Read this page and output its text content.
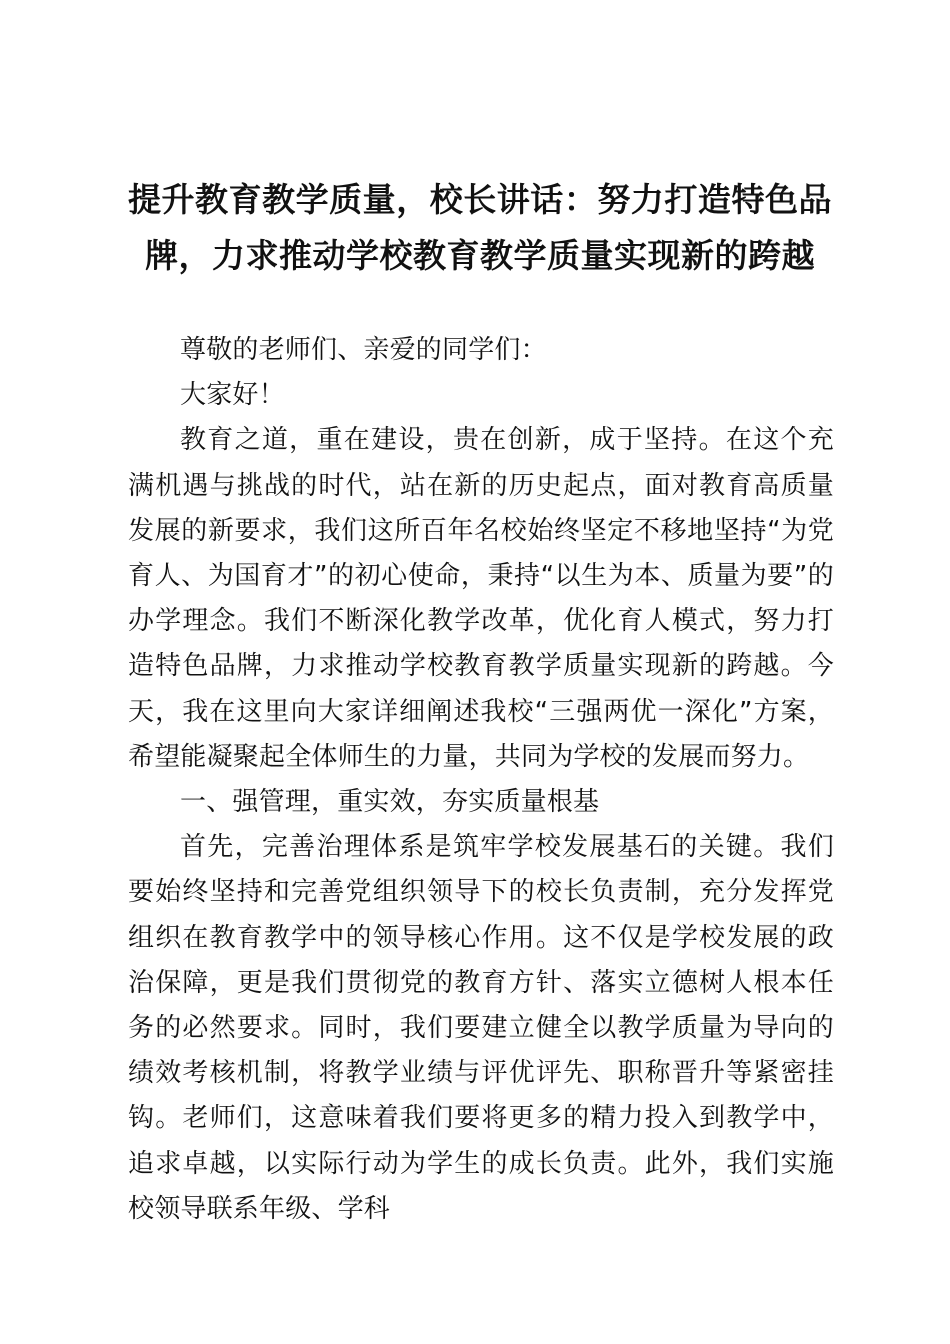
提升教育教学质量，校长讲话：努力打造特色品牌，力求推动学校教育教学质量实现新的跨越

尊敬的老师们、亲爱的同学们：

大家好！

教育之道，重在建设，贵在创新，成于坚持。在这个充满机遇与挑战的时代，站在新的历史起点，面对教育高质量发展的新要求，我们这所百年名校始终坚定不移地坚持“为党育人、为国育才”的初心使命，秉持“以生为本、质量为要”的办学理念。我们不断深化教学改革，优化育人模式，努力打造特色品牌，力求推动学校教育教学质量实现新的跨越。今天，我在这里向大家详细阐述我校“三强两优一深化”方案，希望能凝聚起全体师生的力量，共同为学校的发展而努力。

一、强管理，重实效，夯实质量根基

首先，完善治理体系是筑牢学校发展基石的关键。我们要始终坚持和完善党组织领导下的校长负责制，充分发挥党组织在教育教学中的领导核心作用。这不仅是学校发展的政治保障，更是我们贯彻党的教育方针、落实立德树人根本任务的必然要求。同时，我们要建立健全以教学质量为导向的绩效考核机制，将教学业绩与评优评先、职称晋升等紧密挂钩。老师们，这意味着我们要将更多的精力投入到教学中，追求卓越，以实际行动为学生的成长负责。此外，我们实施校领导联系年级、学科
